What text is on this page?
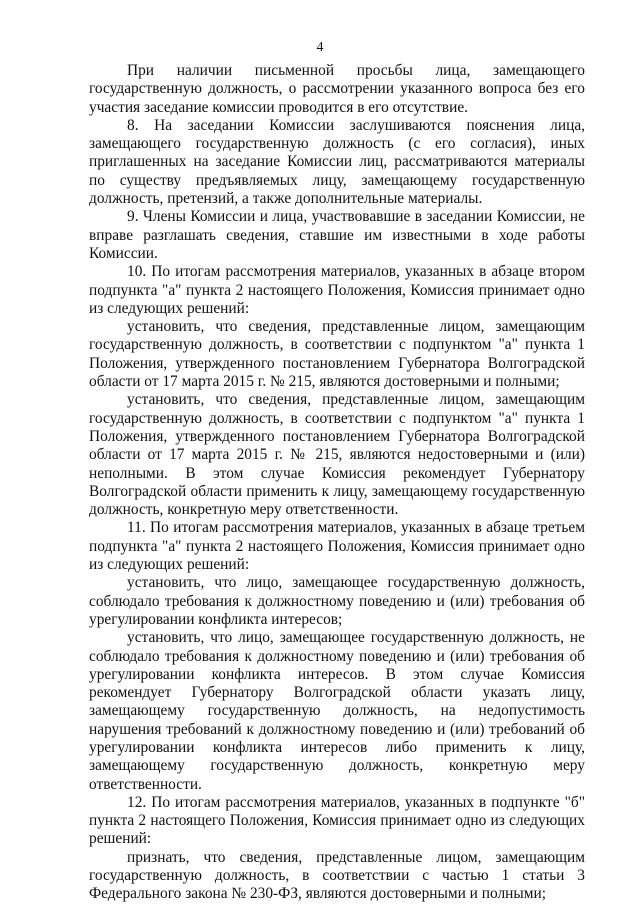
4

При наличии письменной просьбы лица, замещающего государственную должность, о рассмотрении указанного вопроса без его участия заседание комиссии проводится в его отсутствие.

8. На заседании Комиссии заслушиваются пояснения лица, замещающего государственную должность (с его согласия), иных приглашенных на заседание Комиссии лиц, рассматриваются материалы по существу предъявляемых лицу, замещающему государственную должность, претензий, а также дополнительные материалы.

9. Члены Комиссии и лица, участвовавшие в заседании Комиссии, не вправе разглашать сведения, ставшие им известными в ходе работы Комиссии.

10. По итогам рассмотрения материалов, указанных в абзаце втором подпункта "а" пункта 2 настоящего Положения, Комиссия принимает одно из следующих решений:

установить, что сведения, представленные лицом, замещающим государственную должность, в соответствии с подпунктом "а" пункта 1 Положения, утвержденного постановлением Губернатора Волгоградской области от 17 марта 2015 г. № 215, являются достоверными и полными;

установить, что сведения, представленные лицом, замещающим государственную должность, в соответствии с подпунктом "а" пункта 1 Положения, утвержденного постановлением Губернатора Волгоградской области от 17 марта 2015 г. № 215, являются недостоверными и (или) неполными. В этом случае Комиссия рекомендует Губернатору Волгоградской области применить к лицу, замещающему государственную должность, конкретную меру ответственности.

11. По итогам рассмотрения материалов, указанных в абзаце третьем подпункта "а" пункта 2 настоящего Положения, Комиссия принимает одно из следующих решений:

установить, что лицо, замещающее государственную должность, соблюдало требования к должностному поведению и (или) требования об урегулировании конфликта интересов;

установить, что лицо, замещающее государственную должность, не соблюдало требования к должностному поведению и (или) требования об урегулировании конфликта интересов. В этом случае Комиссия рекомендует Губернатору Волгоградской области указать лицу, замещающему государственную должность, на недопустимость нарушения требований к должностному поведению и (или) требований об урегулировании конфликта интересов либо применить к лицу, замещающему государственную должность, конкретную меру ответственности.

12. По итогам рассмотрения материалов, указанных в подпункте "б" пункта 2 настоящего Положения, Комиссия принимает одно из следующих решений:

признать, что сведения, представленные лицом, замещающим государственную должность, в соответствии с частью 1 статьи 3 Федерального закона № 230-ФЗ, являются достоверными и полными;
